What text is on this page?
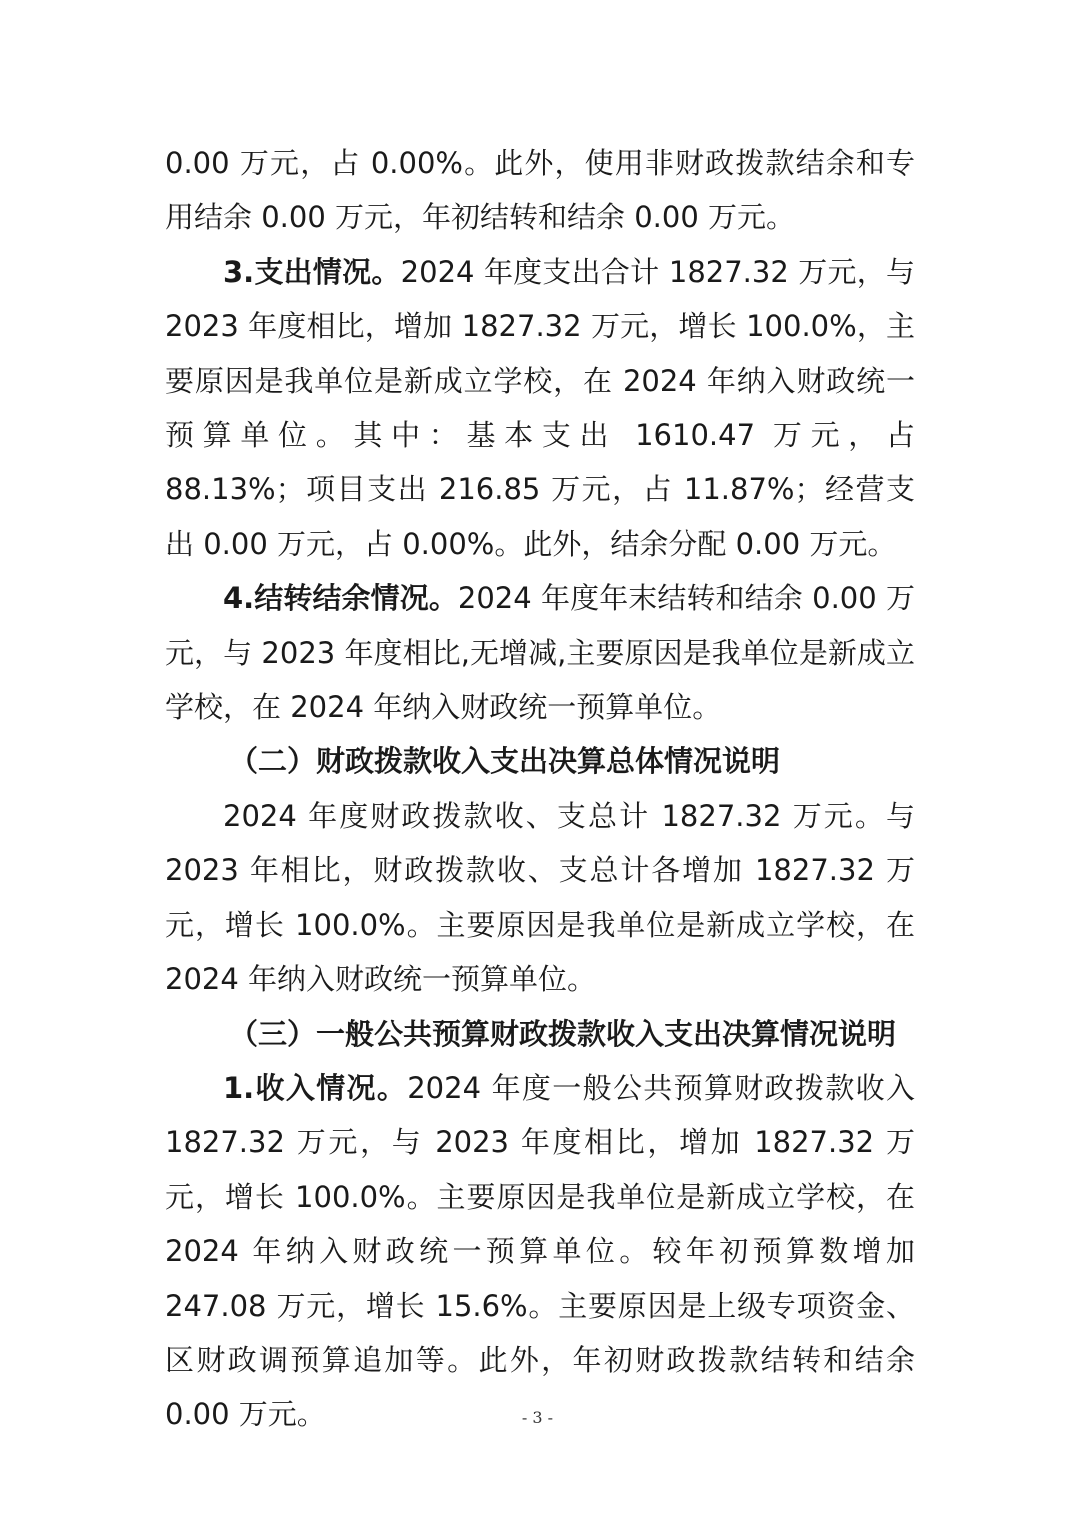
0.00 万元，占 0.00%。此外，使用非财政拨款结余和专用结余 0.00 万元，年初结转和结余 0.00 万元。

3.支出情况。2024 年度支出合计 1827.32 万元，与 2023 年度相比，增加 1827.32 万元，增长 100.0%，主要原因是我单位是新成立学校，在 2024 年纳入财政统一预算单位。其中：基本支出 1610.47 万元，占 88.13%；项目支出 216.85 万元，占 11.87%；经营支出 0.00 万元，占 0.00%。此外，结余分配 0.00 万元。

4.结转结余情况。2024 年度年末结转和结余 0.00 万元，与 2023 年度相比,无增减,主要原因是我单位是新成立学校，在 2024 年纳入财政统一预算单位。

（二）财政拨款收入支出决算总体情况说明

2024 年度财政拨款收、支总计 1827.32 万元。与 2023 年相比，财政拨款收、支总计各增加 1827.32 万元，增长 100.0%。主要原因是我单位是新成立学校，在 2024 年纳入财政统一预算单位。

（三）一般公共预算财政拨款收入支出决算情况说明

1.收入情况。2024 年度一般公共预算财政拨款收入 1827.32 万元，与 2023 年度相比，增加 1827.32 万元，增长 100.0%。主要原因是我单位是新成立学校，在 2024 年纳入财政统一预算单位。较年初预算数增加 247.08 万元，增长 15.6%。主要原因是上级专项资金、区财政调预算追加等。此外，年初财政拨款结转和结余 0.00 万元。	- 3 -
